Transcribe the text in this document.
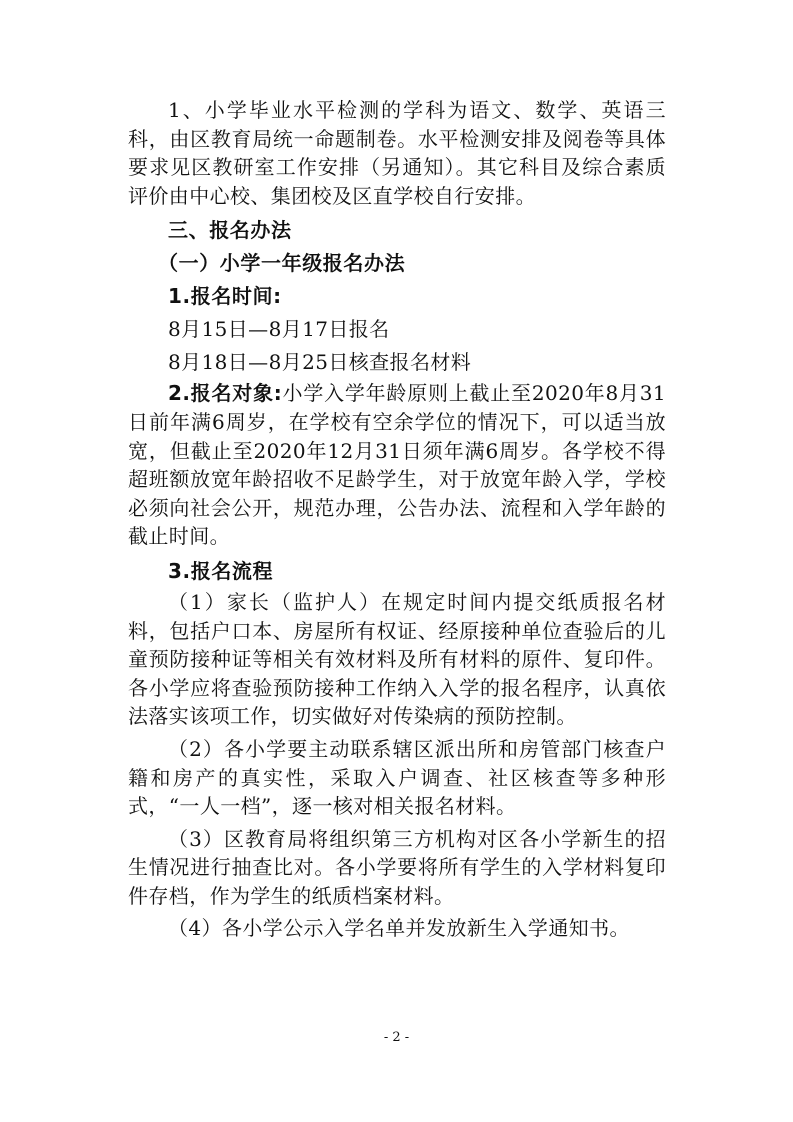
1、小学毕业水平检测的学科为语文、数学、英语三科，由区教育局统一命题制卷。水平检测安排及阅卷等具体要求见区教研室工作安排（另通知）。其它科目及综合素质评价由中心校、集团校及区直学校自行安排。

三、报名办法

（一）小学一年级报名办法

1.报名时间:

8月15日—8月17日报名

8月18日—8月25日核查报名材料

2.报名对象:小学入学年龄原则上截止至2020年8月31日前年满6周岁，在学校有空余学位的情况下，可以适当放宽，但截止至2020年12月31日须年满6周岁。各学校不得超班额放宽年龄招收不足龄学生，对于放宽年龄入学，学校必须向社会公开，规范办理，公告办法、流程和入学年龄的截止时间。

3.报名流程

（1）家长（监护人）在规定时间内提交纸质报名材料，包括户口本、房屋所有权证、经原接种单位查验后的儿童预防接种证等相关有效材料及所有材料的原件、复印件。各小学应将查验预防接种工作纳入入学的报名程序，认真依法落实该项工作，切实做好对传染病的预防控制。

（2）各小学要主动联系辖区派出所和房管部门核查户籍和房产的真实性，采取入户调查、社区核查等多种形式，“一人一档”，逐一核对相关报名材料。

（3）区教育局将组织第三方机构对区各小学新生的招生情况进行抽查比对。各小学要将所有学生的入学材料复印件存档，作为学生的纸质档案材料。

（4）各小学公示入学名单并发放新生入学通知书。

- 2 -
